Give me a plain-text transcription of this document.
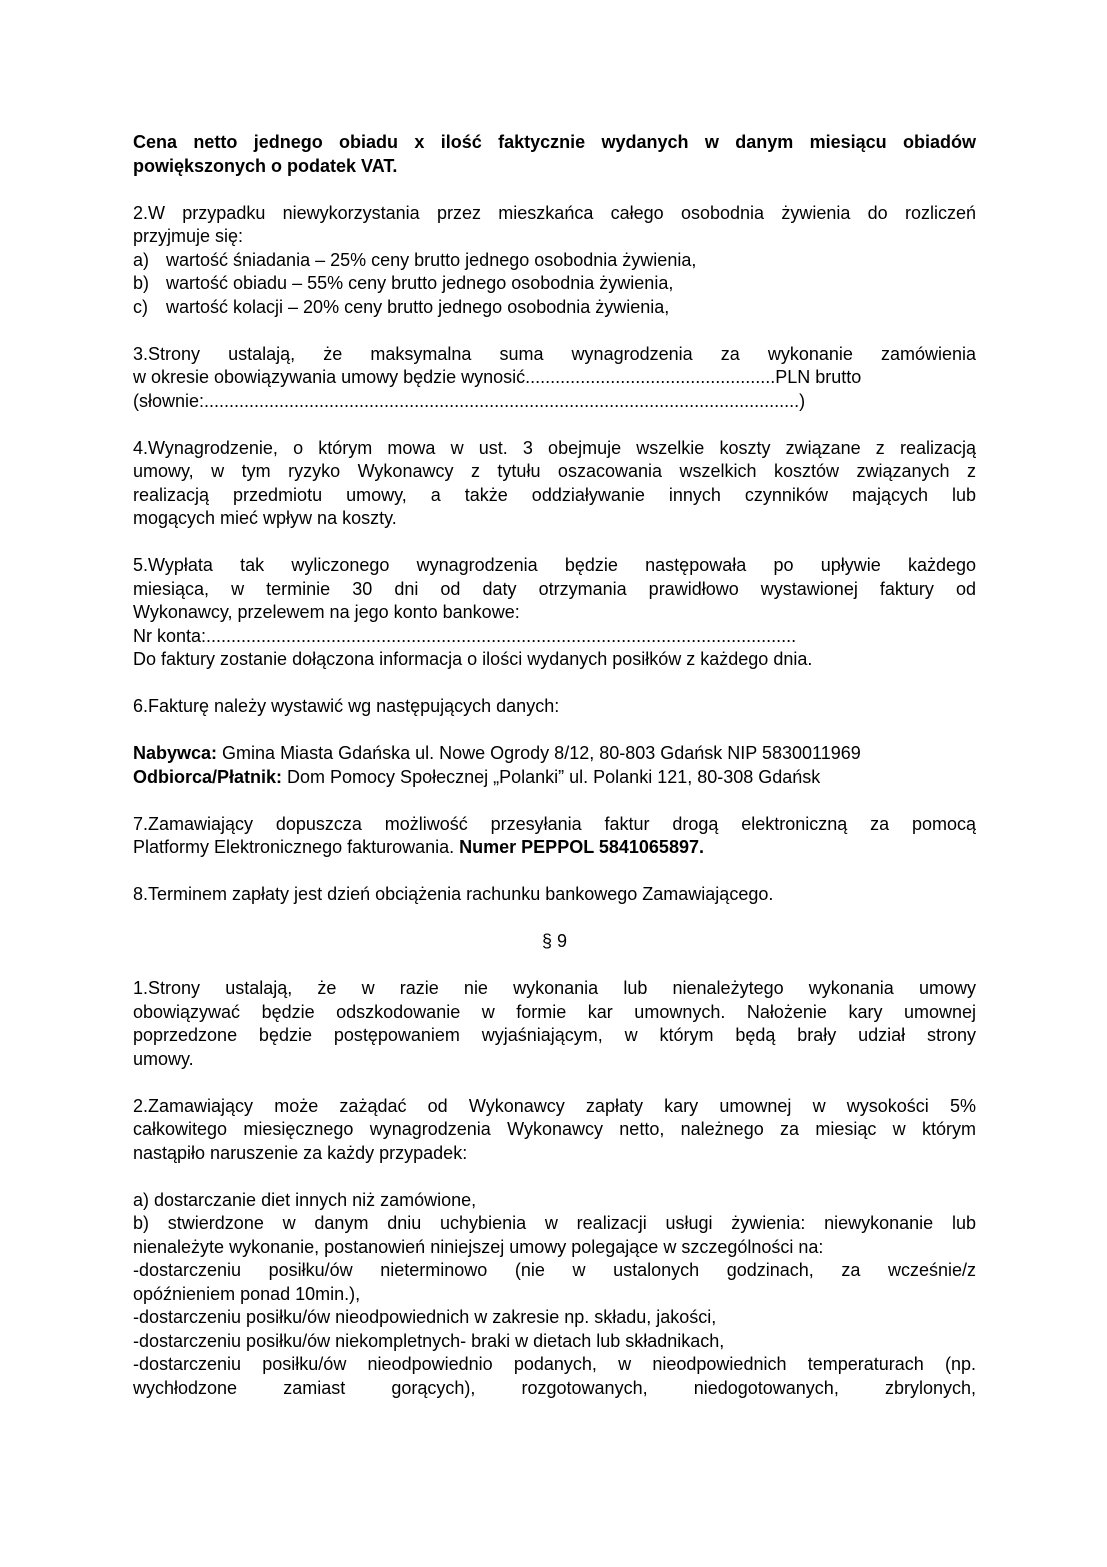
Cena netto jednego obiadu x ilość faktycznie wydanych w danym miesiącu obiadów

powiększonych o podatek VAT.

2.W przypadku niewykorzystania przez mieszkańca całego osobodnia żywienia do rozliczeń

przyjmuje się:

a) wartość śniadania – 25% ceny brutto jednego osobodnia żywienia,
b) wartość obiadu – 55% ceny brutto jednego osobodnia żywienia,
c)	wartość kolacji – 20% ceny brutto jednego osobodnia żywienia,

3.Strony ustalają, że maksymalna suma wynagrodzenia za wykonanie zamówienia

w okresie obowiązywania umowy będzie wynosić..................................................PLN brutto

(słownie:.......................................................................................................................)

4.Wynagrodzenie, o którym mowa w ust. 3 obejmuje wszelkie koszty związane z realizacją

umowy, w tym ryzyko Wykonawcy z tytułu oszacowania wszelkich kosztów związanych z

realizacją przedmiotu umowy, a także oddziaływanie innych czynników mających lub

mogących mieć wpływ na koszty.

5.Wypłata tak wyliczonego wynagrodzenia będzie następowała po upływie każdego

miesiąca, w terminie 30 dni od daty otrzymania prawidłowo wystawionej faktury od

Wykonawcy, przelewem na jego konto bankowe:

Nr konta:......................................................................................................................

Do faktury zostanie dołączona informacja o ilości wydanych posiłków z każdego dnia.

6.Fakturę należy wystawić wg następujących danych:

Nabywca: Gmina Miasta Gdańska ul. Nowe Ogrody 8/12, 80-803 Gdańsk NIP 5830011969

Odbiorca/Płatnik: Dom Pomocy Społecznej „Polanki” ul. Polanki 121, 80-308 Gdańsk

7.Zamawiający dopuszcza możliwość przesyłania faktur drogą elektroniczną za pomocą

Platformy Elektronicznego fakturowania. Numer PEPPOL 5841065897.

8.Terminem zapłaty jest dzień obciążenia rachunku bankowego Zamawiającego.

§ 9

1.Strony ustalają, że w razie nie wykonania lub nienależytego wykonania umowy

obowiązywać będzie odszkodowanie w formie kar umownych. Nałożenie kary umownej

poprzedzone będzie postępowaniem wyjaśniającym, w którym będą brały udział strony

umowy.

2.Zamawiający może zażądać od Wykonawcy zapłaty kary umownej w wysokości 5%

całkowitego miesięcznego wynagrodzenia Wykonawcy netto, należnego za miesiąc w którym

nastąpiło naruszenie za każdy przypadek:

a) dostarczanie diet innych niż zamówione,

b) stwierdzone w danym dniu uchybienia w realizacji usługi żywienia: niewykonanie lub

nienależyte wykonanie, postanowień niniejszej umowy polegające w szczególności na:

-dostarczeniu posiłku/ów nieterminowo (nie w ustalonych godzinach, za wcześnie/z

opóźnieniem ponad 10min.),

-dostarczeniu posiłku/ów nieodpowiednich w zakresie np. składu, jakości,

-dostarczeniu posiłku/ów niekompletnych- braki w dietach lub składnikach,

-dostarczeniu posiłku/ów nieodpowiednio podanych, w nieodpowiednich temperaturach (np.

wychłodzone zamiast gorących), rozgotowanych, niedogotowanych, zbrylonych,
